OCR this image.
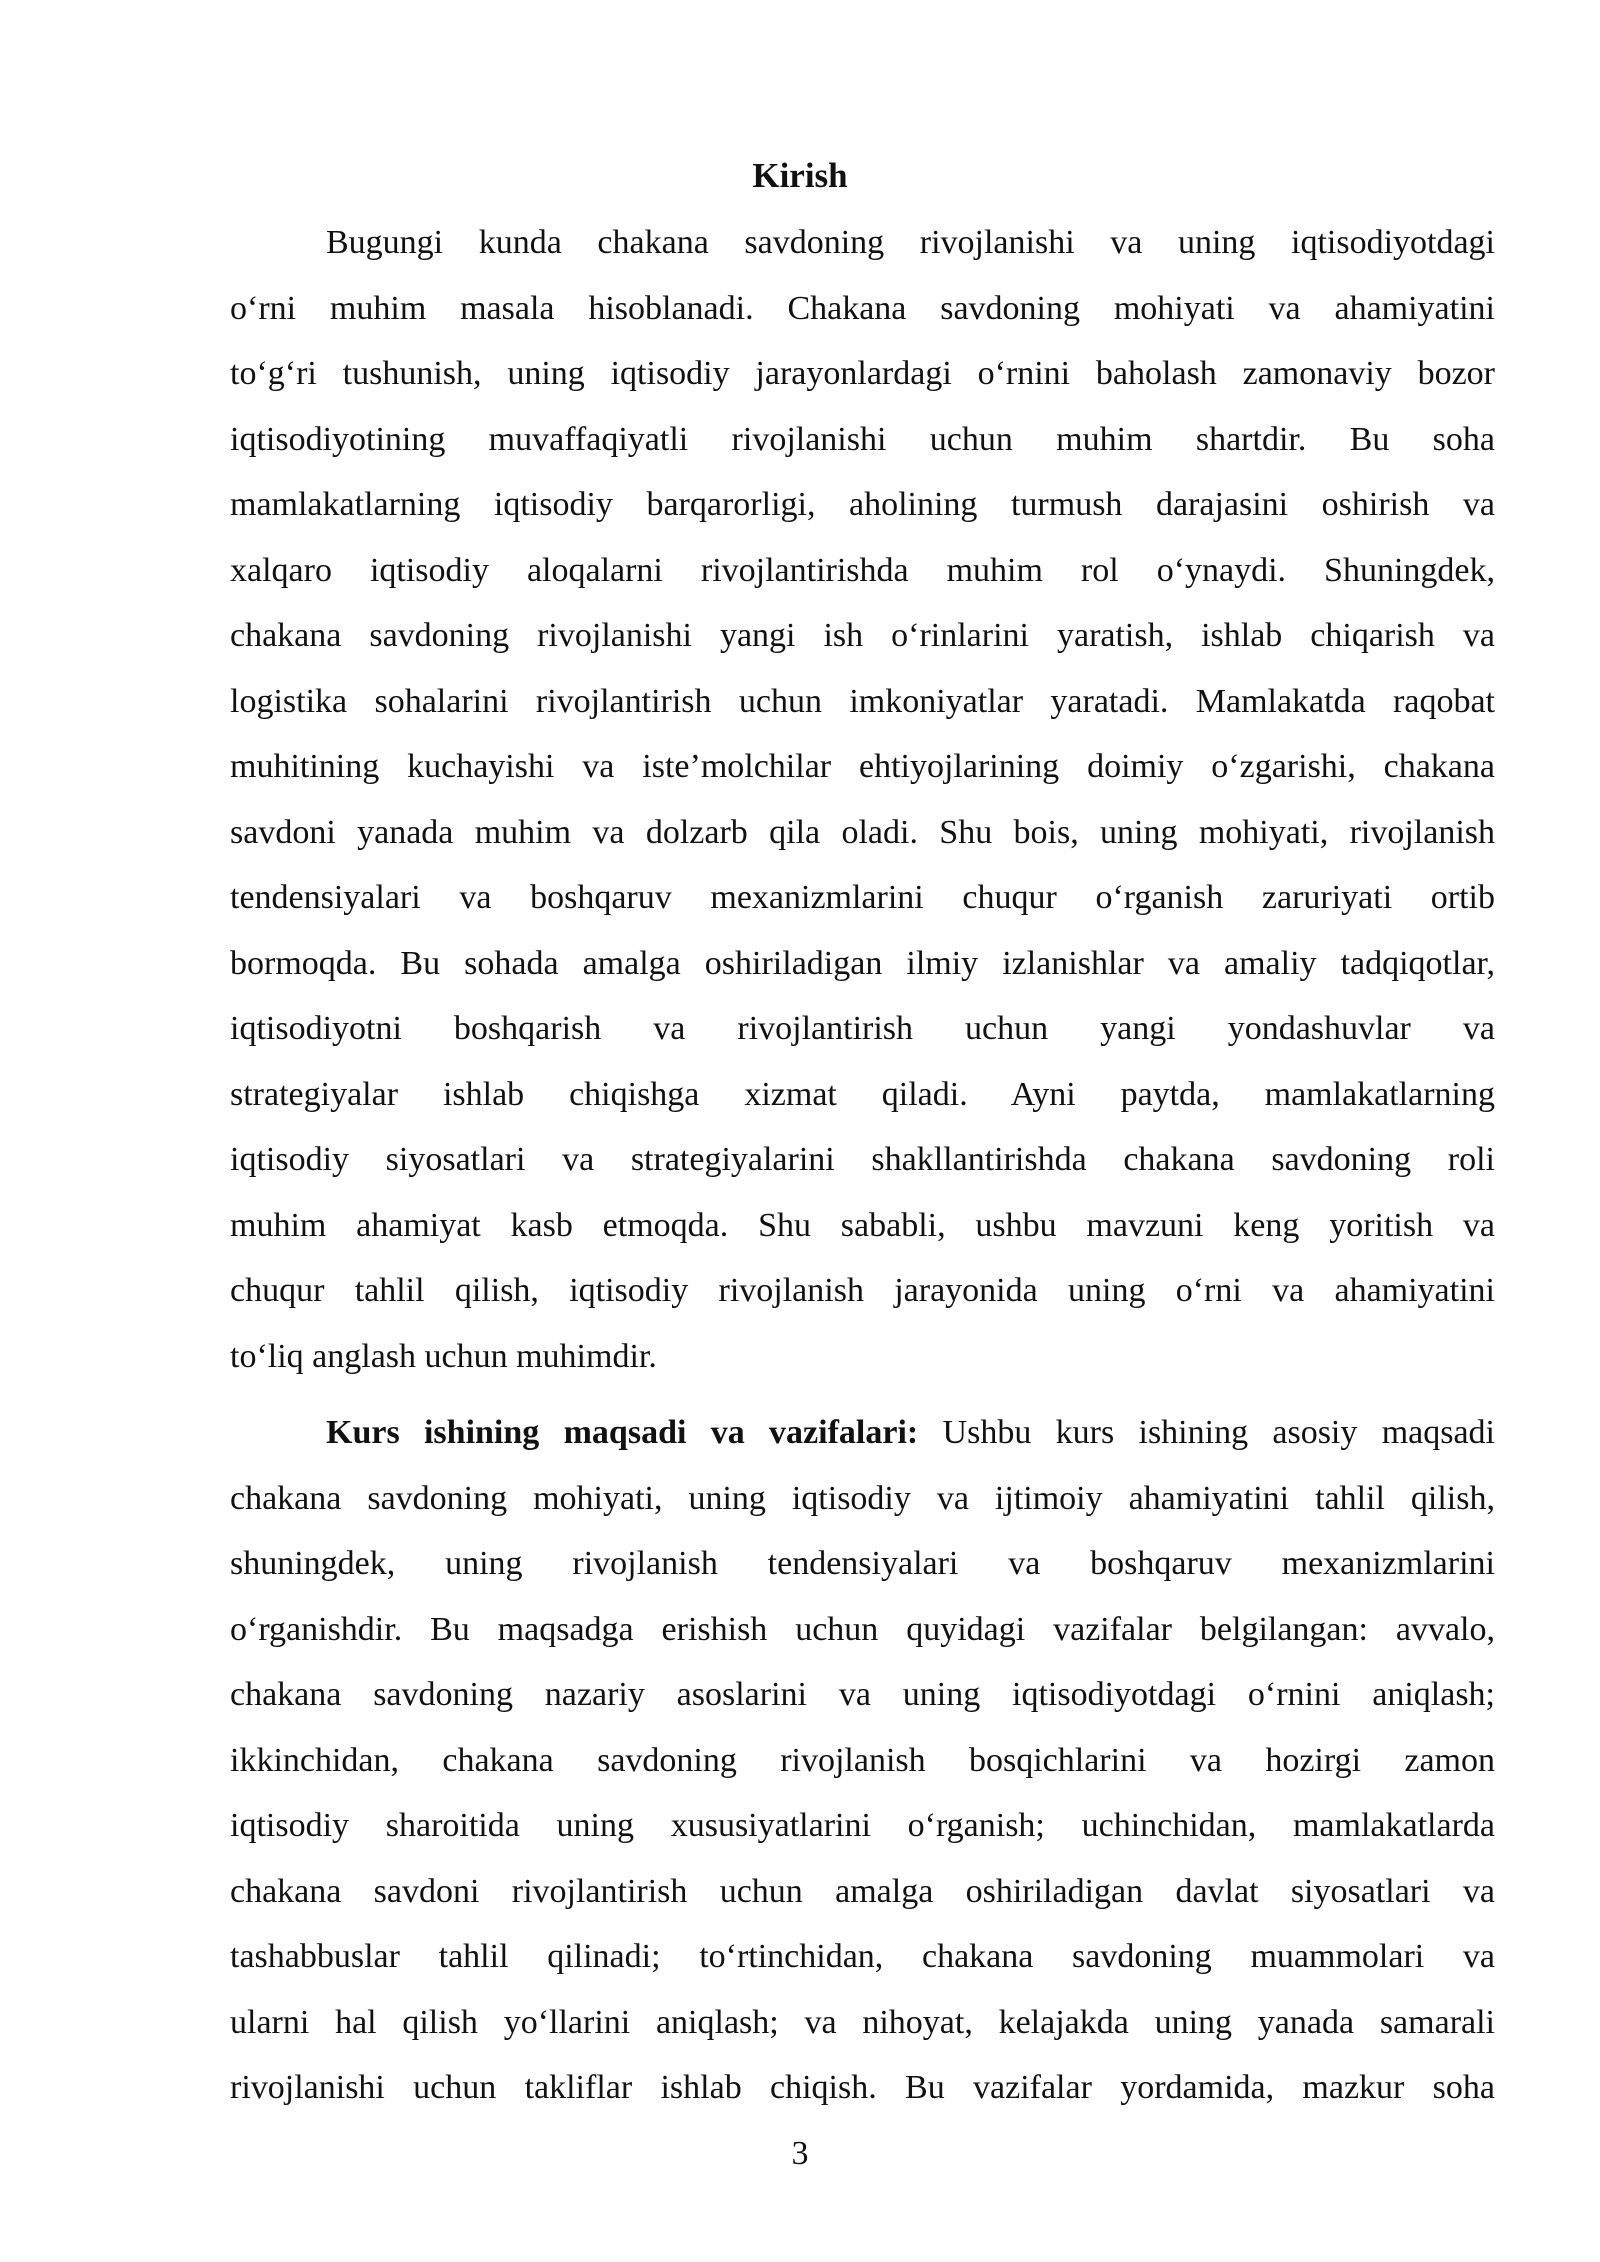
Kirish
Bugungi kunda chakana savdoning rivojlanishi va uning iqtisodiyotdagi
o‘rni muhim masala hisoblanadi. Chakana savdoning mohiyati va ahamiyatini
to‘g‘ri tushunish, uning iqtisodiy jarayonlardagi o‘rnini baholash zamonaviy bozor
iqtisodiyotining muvaffaqiyatli rivojlanishi uchun muhim shartdir. Bu soha
mamlakatlarning iqtisodiy barqarorligi, aholining turmush darajasini oshirish va
xalqaro iqtisodiy aloqalarni rivojlantirishda muhim rol o‘ynaydi. Shuningdek,
chakana savdoning rivojlanishi yangi ish o‘rinlarini yaratish, ishlab chiqarish va
logistika sohalarini rivojlantirish uchun imkoniyatlar yaratadi. Mamlakatda raqobat
muhitining kuchayishi va iste’molchilar ehtiyojlarining doimiy o‘zgarishi, chakana
savdoni yanada muhim va dolzarb qila oladi. Shu bois, uning mohiyati, rivojlanish
tendensiyalari va boshqaruv mexanizmlarini chuqur o‘rganish zaruriyati ortib
bormoqda. Bu sohada amalga oshiriladigan ilmiy izlanishlar va amaliy tadqiqotlar,
iqtisodiyotni boshqarish va rivojlantirish uchun yangi yondashuvlar va
strategiyalar ishlab chiqishga xizmat qiladi. Ayni paytda, mamlakatlarning
iqtisodiy siyosatlari va strategiyalarini shakllantirishda chakana savdoning roli
muhim ahamiyat kasb etmoqda. Shu sababli, ushbu mavzuni keng yoritish va
chuqur tahlil qilish, iqtisodiy rivojlanish jarayonida uning o‘rni va ahamiyatini
to‘liq anglash uchun muhimdir.
Kurs ishining maqsadi va vazifalari: Ushbu kurs ishining asosiy maqsadi
chakana savdoning mohiyati, uning iqtisodiy va ijtimoiy ahamiyatini tahlil qilish,
shuningdek, uning rivojlanish tendensiyalari va boshqaruv mexanizmlarini
o‘rganishdir. Bu maqsadga erishish uchun quyidagi vazifalar belgilangan: avvalo,
chakana savdoning nazariy asoslarini va uning iqtisodiyotdagi o‘rnini aniqlash;
ikkinchidan, chakana savdoning rivojlanish bosqichlarini va hozirgi zamon
iqtisodiy sharoitida uning xususiyatlarini o‘rganish; uchinchidan, mamlakatlarda
chakana savdoni rivojlantirish uchun amalga oshiriladigan davlat siyosatlari va
tashabbuslar tahlil qilinadi; to‘rtinchidan, chakana savdoning muammolari va
ularni hal qilish yo‘llarini aniqlash; va nihoyat, kelajakda uning yanada samarali
rivojlanishi uchun takliflar ishlab chiqish. Bu vazifalar yordamida, mazkur soha
3
